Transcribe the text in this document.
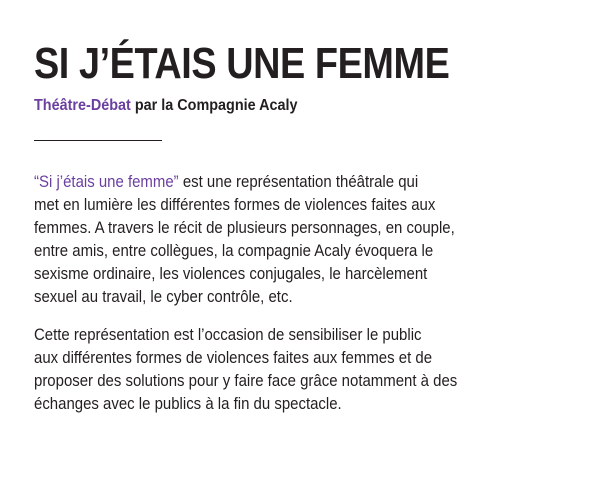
SI J’ÉTAIS UNE FEMME
Théâtre-Débat par la Compagnie Acaly

“Si j’étais une femme” est une représentation théâtrale qui
met en lumière les différentes formes de violences faites aux
femmes. A travers le récit de plusieurs personnages, en couple,
entre amis, entre collègues, la compagnie Acaly évoquera le
sexisme ordinaire, les violences conjugales, le harcèlement
sexuel au travail, le cyber contrôle, etc.

Cette représentation est l’occasion de sensibiliser le public
aux différentes formes de violences faites aux femmes et de
proposer des solutions pour y faire face grâce notamment à des
échanges avec le publics à la fin du spectacle.
